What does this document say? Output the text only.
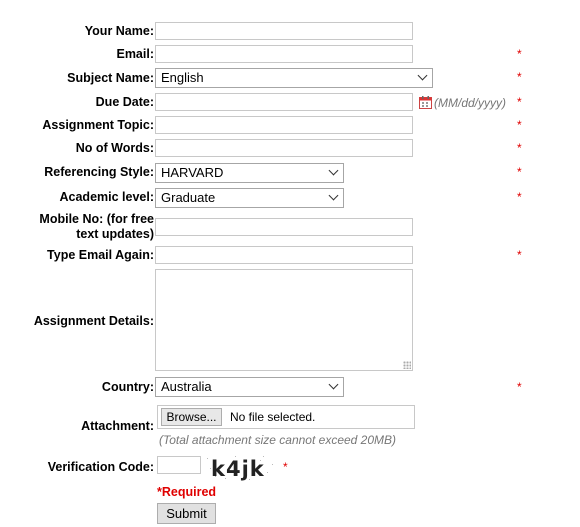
Your Name:
Email:	*
Subject Name: English	*
Due Date:	(MM/dd/yyyy) *
Assignment Topic:	*
No of Words:	*
Referencing Style: HARVARD	*
Academic level: Graduate	*
Mobile No: (for free text updates)
Type Email Again:	*
Assignment Details:
Country: Australia	*
Attachment:
Browse...	No file selected.
(Total attachment size cannot exceed 20MB)
Verification Code:	k4jk *
*Required
Submit
